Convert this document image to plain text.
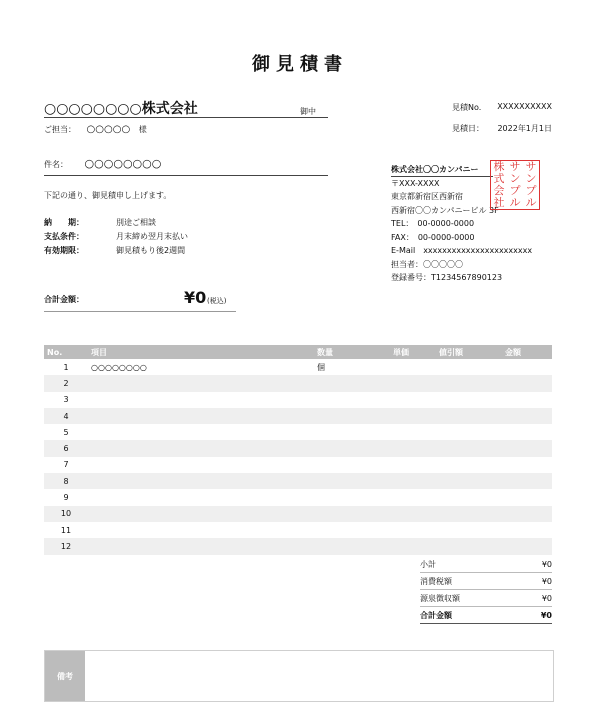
御見積書
○○○○○○○○株式会社	御中
ご担当： ○○○○○ 様
見積No. XXXXXXXXXX
見積日： 2022年1月1日
件名： ○○○○○○○○
下記の通り、御見積申し上げます。
納　　期：	別途ご相談
支払条件：	月末締め翌月末払い
有効期限：	御見積もり後2週間
合計金額：	¥0 (税込)
株式会社〇〇カンパニー
〒XXX-XXXX
東京都新宿区西新宿
西新宿〇〇カンパニービル 3F
TEL：　00-0000-0000
FAX：　00-0000-0000
E-Mail　xxxxxxxxxxxxxxxxxxxxxxx
担当者：〇〇〇〇〇
登録番号：T1234567890123
株 サ サ
式 ン ン
会 プ プ
社 ル ル
No.	項目	数量	単価	値引額	金額
1	○○○○○○○○	個			
2					
3					
4					
5					
6					
7					
8					
9					
10					
11					
12					
小計	¥0
消費税額	¥0
源泉徴収額	¥0
合計金額	¥0
備考
